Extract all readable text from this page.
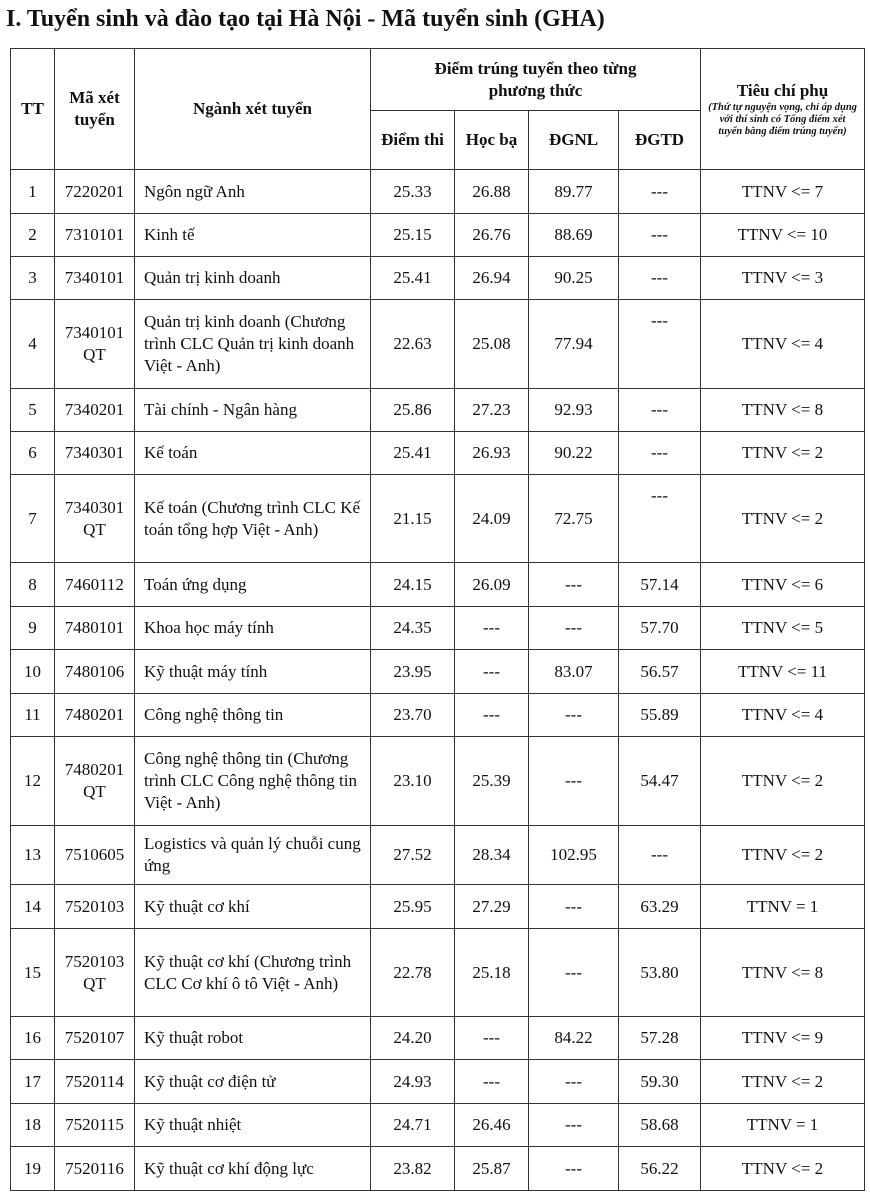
I. Tuyển sinh và đào tạo tại Hà Nội - Mã tuyển sinh (GHA)
TT	Mã xét tuyển	Ngành xét tuyển	Điểm trúng tuyển theo từng phương thức				Tiêu chí phụ
(Thứ tự nguyện vọng, chỉ áp dụng với thí sinh có Tổng điểm xét tuyển bằng điểm trúng tuyển)

			Điểm thi	Học bạ	ĐGNL	ĐGTD	
1	7220201	Ngôn ngữ Anh	25.33	26.88	89.77	---	TTNV <= 7
2	7310101	Kinh tế	25.15	26.76	88.69	---	TTNV <= 10
3	7340101	Quản trị kinh doanh	25.41	26.94	90.25	---	TTNV <= 3
4	7340101 QT	Quản trị kinh doanh (Chương trình CLC Quản trị kinh doanh Việt - Anh)	22.63	25.08	77.94	---	TTNV <= 4
5	7340201	Tài chính - Ngân hàng	25.86	27.23	92.93	---	TTNV <= 8
6	7340301	Kế toán	25.41	26.93	90.22	---	TTNV <= 2
7	7340301 QT	Kế toán (Chương trình CLC Kế toán tổng hợp Việt - Anh)	21.15	24.09	72.75	---	TTNV <= 2
8	7460112	Toán ứng dụng	24.15	26.09	---	57.14	TTNV <= 6
9	7480101	Khoa học máy tính	24.35	---	---	57.70	TTNV <= 5
10	7480106	Kỹ thuật máy tính	23.95	---	83.07	56.57	TTNV <= 11
11	7480201	Công nghệ thông tin	23.70	---	---	55.89	TTNV <= 4
12	7480201 QT	Công nghệ thông tin (Chương trình CLC Công nghệ thông tin Việt - Anh)	23.10	25.39	---	54.47	TTNV <= 2
13	7510605	Logistics và quản lý chuỗi cung ứng	27.52	28.34	102.95	---	TTNV <= 2
14	7520103	Kỹ thuật cơ khí	25.95	27.29	---	63.29	TTNV = 1
15	7520103 QT	Kỹ thuật cơ khí (Chương trình CLC Cơ khí ô tô Việt - Anh)	22.78	25.18	---	53.80	TTNV <= 8
16	7520107	Kỹ thuật robot	24.20	---	84.22	57.28	TTNV <= 9
17	7520114	Kỹ thuật cơ điện tử	24.93	---	---	59.30	TTNV <= 2
18	7520115	Kỹ thuật nhiệt	24.71	26.46	---	58.68	TTNV = 1
19	7520116	Kỹ thuật cơ khí động lực	23.82	25.87	---	56.22	TTNV <= 2
